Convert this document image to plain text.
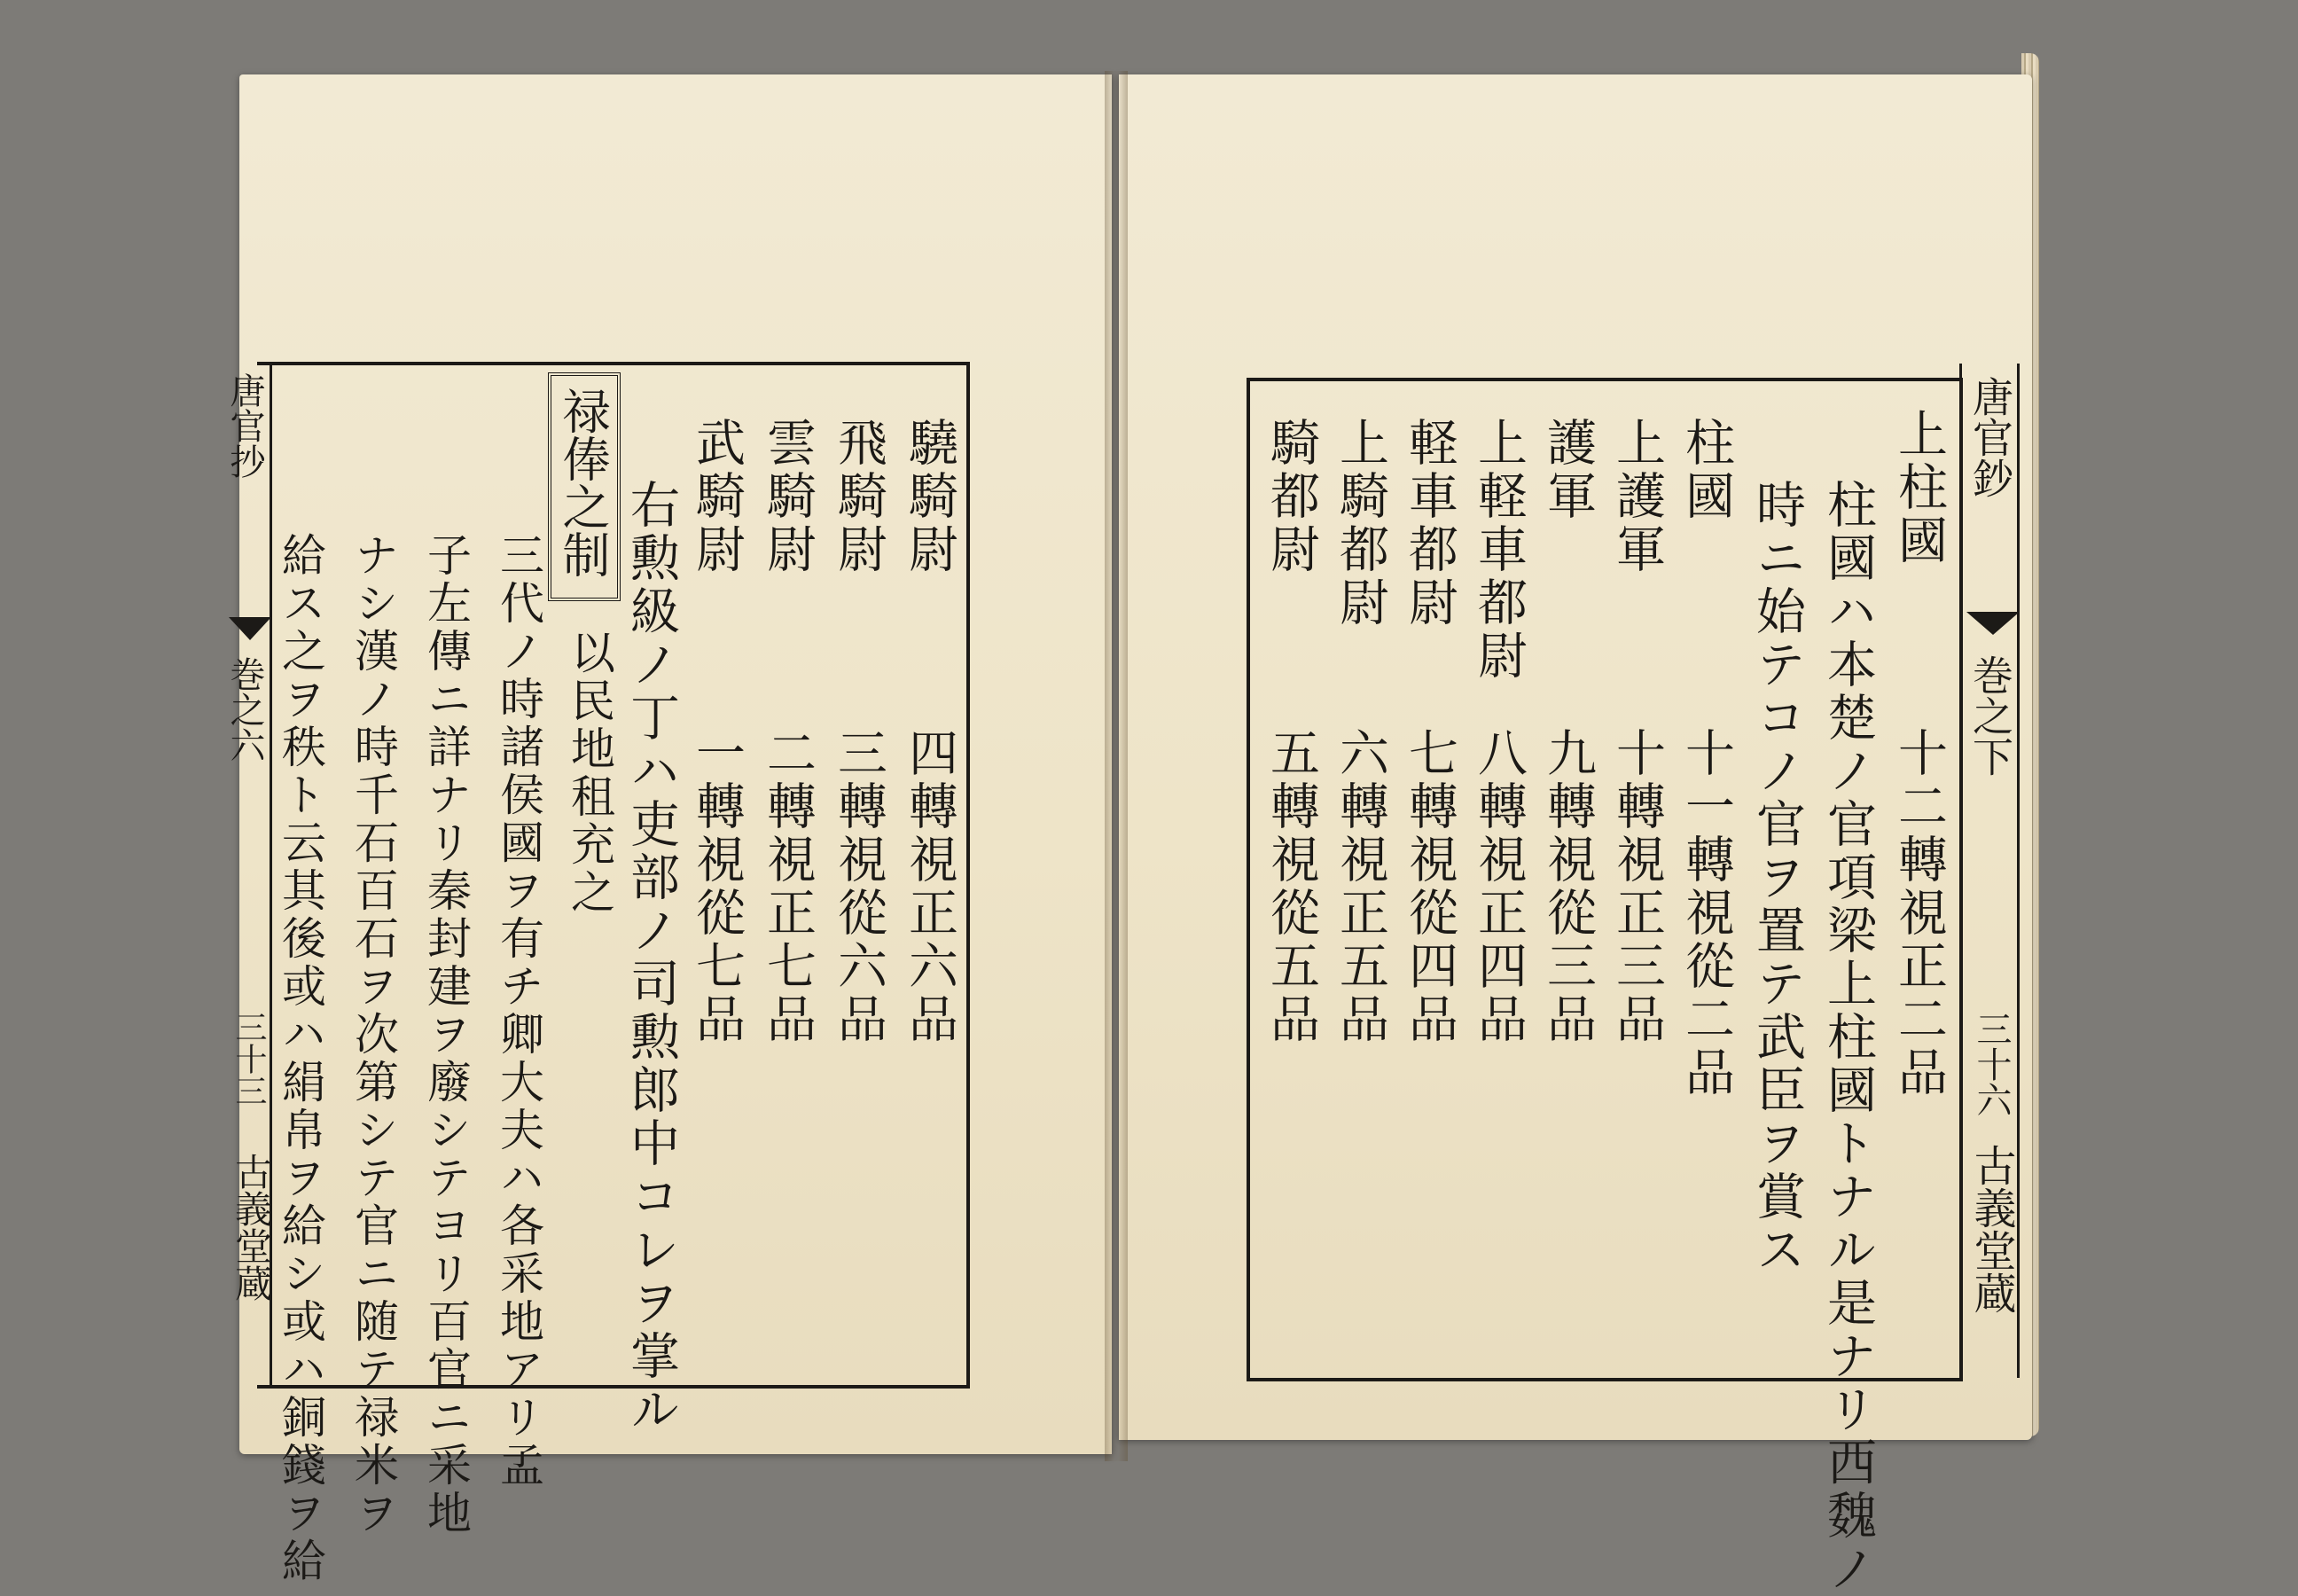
唐官抄
巻之六
三十三
古義堂蔵
驍騎尉
四轉視正六品
飛騎尉
三轉視從六品
雲騎尉
二轉視正七品
武騎尉
一轉視從七品
右勲級ノ丁ハ吏部ノ司勲郎中コレヲ掌ル
禄俸之制
以民地租充之
三代ノ時諸侯國ヲ有チ卿大夫ハ各采地アリ孟
子左傳ニ詳ナリ秦封建ヲ廢シテヨリ百官ニ采地
ナシ漢ノ時千石百石ヲ次第シテ官ニ随テ禄米ヲ
給ス之ヲ秩ト云其後或ハ絹帛ヲ給シ或ハ銅錢ヲ給
唐官鈔
巻之下
三十六
古義堂蔵
上柱國
十二轉視正二品
柱國ハ本楚ノ官項梁上柱國トナル是ナリ西魏ノ
時ニ始テコノ官ヲ置テ武臣ヲ賞ス
柱國
十一轉視從二品
上護軍
十轉視正三品
護軍
九轉視從三品
上軽車都尉
八轉視正四品
軽車都尉
七轉視從四品
上騎都尉
六轉視正五品
騎都尉
五轉視從五品
